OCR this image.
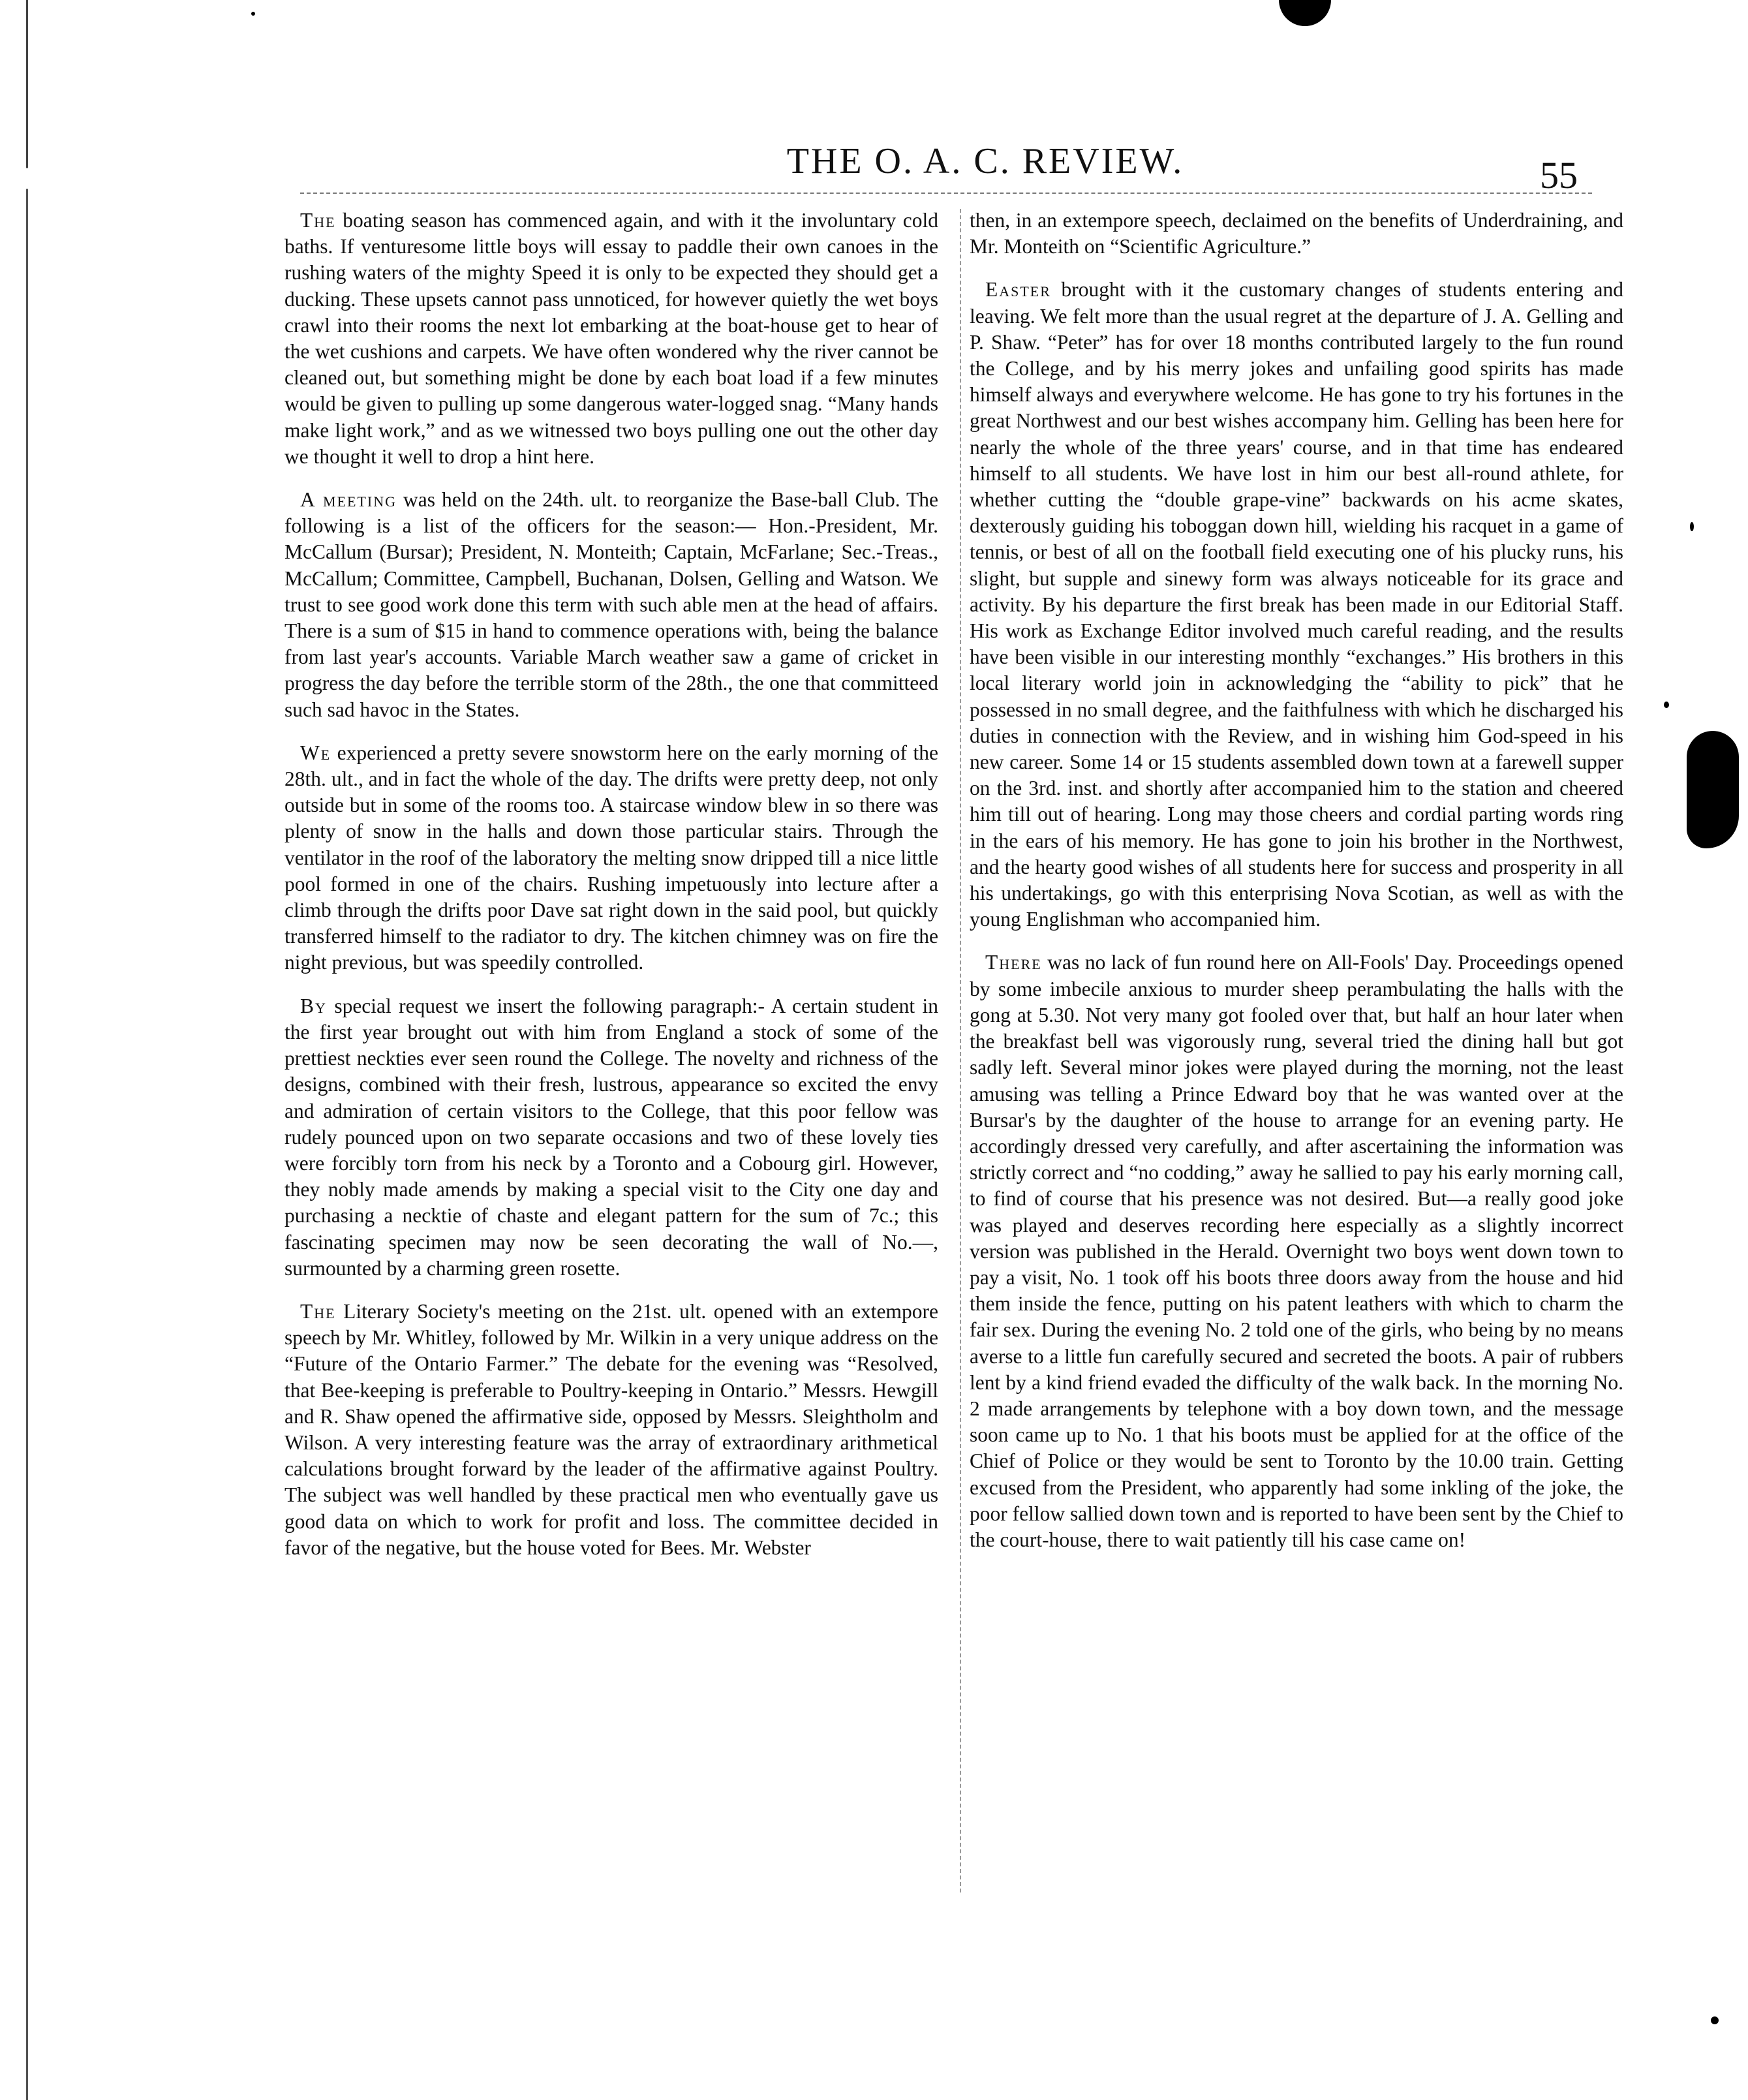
THE O. A. C. REVIEW.	55

The boating season has commenced again, and with it the involuntary cold baths. If venturesome little boys will essay to paddle their own canoes in the rushing waters of the mighty Speed it is only to be expected they should get a ducking. These upsets cannot pass unnoticed, for however quietly the wet boys crawl into their rooms the next lot embarking at the boat-house get to hear of the wet cushions and carpets. We have often wondered why the river cannot be cleaned out, but something might be done by each boat load if a few minutes would be given to pulling up some dangerous water-logged snag. “Many hands make light work,” and as we witnessed two boys pulling one out the other day we thought it well to drop a hint here.

A meeting was held on the 24th. ult. to reorganize the Base-ball Club. The following is a list of the officers for the season:— Hon.-President, Mr. McCallum (Bursar); President, N. Monteith; Captain, McFarlane; Sec.-Treas., McCallum; Committee, Campbell, Buchanan, Dolsen, Gelling and Watson. We trust to see good work done this term with such able men at the head of affairs. There is a sum of $15 in hand to commence operations with, being the balance from last year's accounts. Variable March weather saw a game of cricket in progress the day before the terrible storm of the 28th., the one that committeed such sad havoc in the States.

We experienced a pretty severe snowstorm here on the early morning of the 28th. ult., and in fact the whole of the day. The drifts were pretty deep, not only outside but in some of the rooms too. A staircase window blew in so there was plenty of snow in the halls and down those particular stairs. Through the ventilator in the roof of the laboratory the melting snow dripped till a nice little pool formed in one of the chairs. Rushing impetuously into lecture after a climb through the drifts poor Dave sat right down in the said pool, but quickly transferred himself to the radiator to dry. The kitchen chimney was on fire the night previous, but was speedily controlled.

By special request we insert the following paragraph:- A certain student in the first year brought out with him from England a stock of some of the prettiest neckties ever seen round the College. The novelty and richness of the designs, combined with their fresh, lustrous, appearance so excited the envy and admiration of certain visitors to the College, that this poor fellow was rudely pounced upon on two separate occasions and two of these lovely ties were forcibly torn from his neck by a Toronto and a Cobourg girl. However, they nobly made amends by making a special visit to the City one day and purchasing a necktie of chaste and elegant pattern for the sum of 7c.; this fascinating specimen may now be seen decorating the wall of No.—, surmounted by a charming green rosette.

The Literary Society's meeting on the 21st. ult. opened with an extempore speech by Mr. Whitley, followed by Mr. Wilkin in a very unique address on the “Future of the Ontario Farmer.” The debate for the evening was “Resolved, that Bee-keeping is preferable to Poultry-keeping in Ontario.” Messrs. Hewgill and R. Shaw opened the affirmative side, opposed by Messrs. Sleightholm and Wilson. A very interesting feature was the array of extraordinary arithmetical calculations brought forward by the leader of the affirmative against Poultry. The subject was well handled by these practical men who eventually gave us good data on which to work for profit and loss. The committee decided in favor of the negative, but the house voted for Bees. Mr. Webster

then, in an extempore speech, declaimed on the benefits of Underdraining, and Mr. Monteith on “Scientific Agriculture.”

Easter brought with it the customary changes of students entering and leaving. We felt more than the usual regret at the departure of J. A. Gelling and P. Shaw. “Peter” has for over 18 months contributed largely to the fun round the College, and by his merry jokes and unfailing good spirits has made himself always and everywhere welcome. He has gone to try his fortunes in the great Northwest and our best wishes accompany him. Gelling has been here for nearly the whole of the three years' course, and in that time has endeared himself to all students. We have lost in him our best all-round athlete, for whether cutting the “double grape-vine” backwards on his acme skates, dexterously guiding his toboggan down hill, wielding his racquet in a game of tennis, or best of all on the football field executing one of his plucky runs, his slight, but supple and sinewy form was always noticeable for its grace and activity. By his departure the first break has been made in our Editorial Staff. His work as Exchange Editor involved much careful reading, and the results have been visible in our interesting monthly “exchanges.” His brothers in this local literary world join in acknowledging the “ability to pick” that he possessed in no small degree, and the faithfulness with which he discharged his duties in connection with the Review, and in wishing him God-speed in his new career. Some 14 or 15 students assembled down town at a farewell supper on the 3rd. inst. and shortly after accompanied him to the station and cheered him till out of hearing. Long may those cheers and cordial parting words ring in the ears of his memory. He has gone to join his brother in the Northwest, and the hearty good wishes of all students here for success and prosperity in all his undertakings, go with this enterprising Nova Scotian, as well as with the young Englishman who accompanied him.

There was no lack of fun round here on All-Fools' Day. Proceedings opened by some imbecile anxious to murder sheep perambulating the halls with the gong at 5.30. Not very many got fooled over that, but half an hour later when the breakfast bell was vigorously rung, several tried the dining hall but got sadly left. Several minor jokes were played during the morning, not the least amusing was telling a Prince Edward boy that he was wanted over at the Bursar's by the daughter of the house to arrange for an evening party. He accordingly dressed very carefully, and after ascertaining the information was strictly correct and “no codding,” away he sallied to pay his early morning call, to find of course that his presence was not desired. But—a really good joke was played and deserves recording here especially as a slightly incorrect version was published in the Herald. Overnight two boys went down town to pay a visit, No. 1 took off his boots three doors away from the house and hid them inside the fence, putting on his patent leathers with which to charm the fair sex. During the evening No. 2 told one of the girls, who being by no means averse to a little fun carefully secured and secreted the boots. A pair of rubbers lent by a kind friend evaded the difficulty of the walk back. In the morning No. 2 made arrangements by telephone with a boy down town, and the message soon came up to No. 1 that his boots must be applied for at the office of the Chief of Police or they would be sent to Toronto by the 10.00 train. Getting excused from the President, who apparently had some inkling of the joke, the poor fellow sallied down town and is reported to have been sent by the Chief to the court-house, there to wait patiently till his case came on!
